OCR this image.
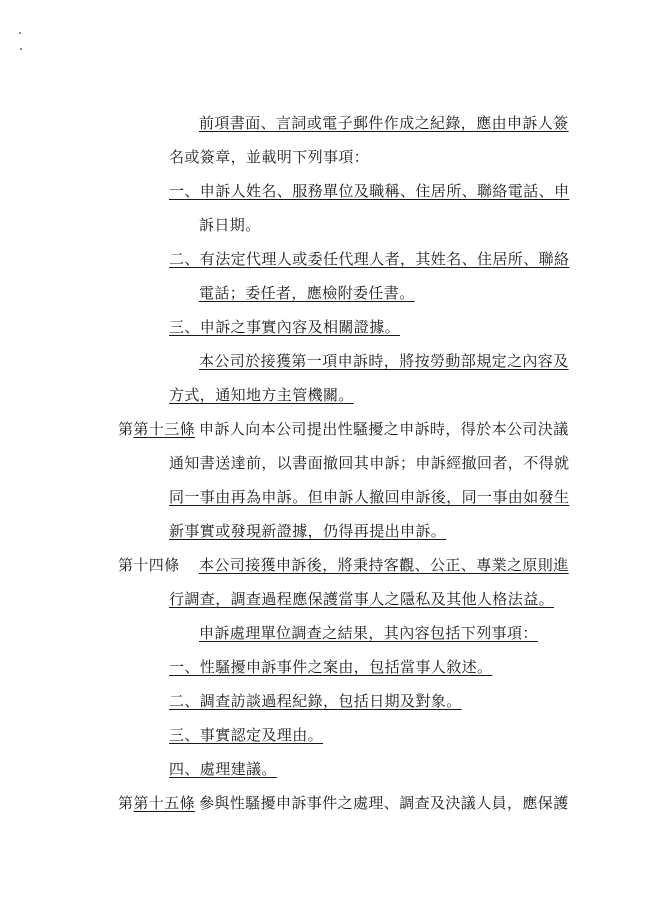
前項書面、言詞或電子郵件作成之紀錄，應由申訴人簽
名或簽章，並載明下列事項：
一、申訴人姓名、服務單位及職稱、住居所、聯絡電話、申
訴日期。
二、有法定代理人或委任代理人者，其姓名、住居所、聯絡
電話；委任者，應檢附委任書。
三、申訴之事實內容及相關證據。
本公司於接獲第一項申訴時，將按勞動部規定之內容及
方式，通知地方主管機關。
第第十三條 申訴人向本公司提出性騷擾之申訴時，得於本公司決議
通知書送達前，以書面撤回其申訴；申訴經撤回者，不得就
同一事由再為申訴。但申訴人撤回申訴後，同一事由如發生
新事實或發現新證據，仍得再提出申訴。
第十四條 本公司接獲申訴後，將秉持客觀、公正、專業之原則進
行調查，調查過程應保護當事人之隱私及其他人格法益。
申訴處理單位調查之結果，其內容包括下列事項：
一、性騷擾申訴事件之案由，包括當事人敘述。
二、調查訪談過程紀錄，包括日期及對象。
三、事實認定及理由。
四、處理建議。
第第十五條 參與性騷擾申訴事件之處理、調查及決議人員，應保護
